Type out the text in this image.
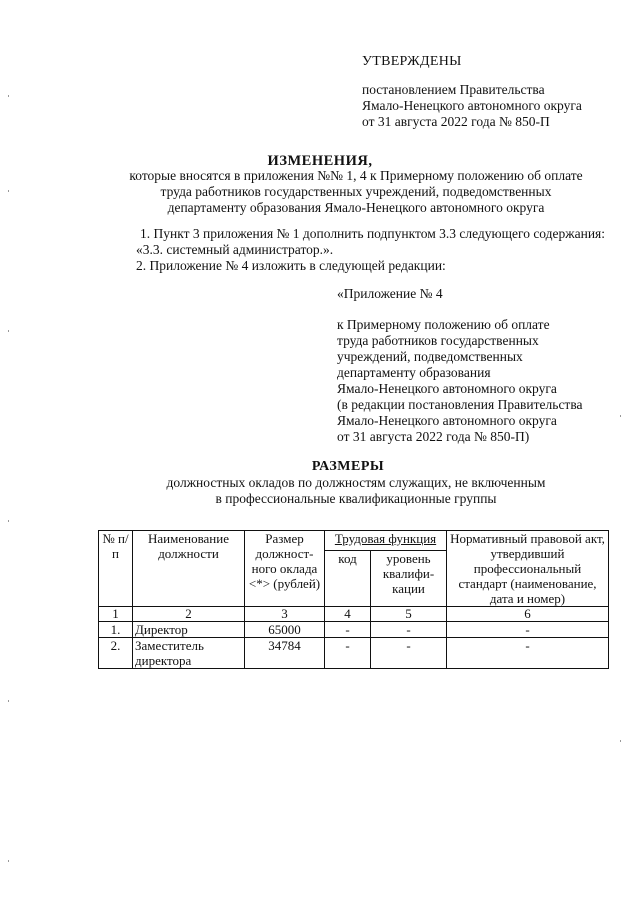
УТВЕРЖДЕНЫ
постановлением Правительства
Ямало-Ненецкого автономного округа
от 31 августа 2022 года № 850-П
ИЗМЕНЕНИЯ,
которые вносятся в приложения №№ 1, 4 к Примерному положению об оплате
труда работников государственных учреждений, подведомственных
департаменту образования Ямало-Ненецкого автономного округа
1. Пункт 3 приложения № 1 дополнить подпунктом 3.3 следующего содержания:
«3.3. системный администратор.».
2. Приложение № 4 изложить в следующей редакции:
«Приложение № 4
к Примерному положению об оплате
труда работников государственных
учреждений, подведомственных
департаменту образования
Ямало-Ненецкого автономного округа
(в редакции постановления Правительства
Ямало-Ненецкого автономного округа
от 31 августа 2022 года № 850-П)
РАЗМЕРЫ
должностных окладов по должностям служащих, не включенным
в профессиональные квалификационные группы
№ п/п	Наименование должности	Размер должност-ного оклада <*> (рублей)	Трудовая функция		Нормативный правовой акт, утвердивший профессиональный стандарт (наименование, дата и номер)
			код	уровень квалифи-кации	
1	2	3	4	5	6
1.	Директор	65000	-	-	-
2.	Заместитель директора	34784	-	-	-
